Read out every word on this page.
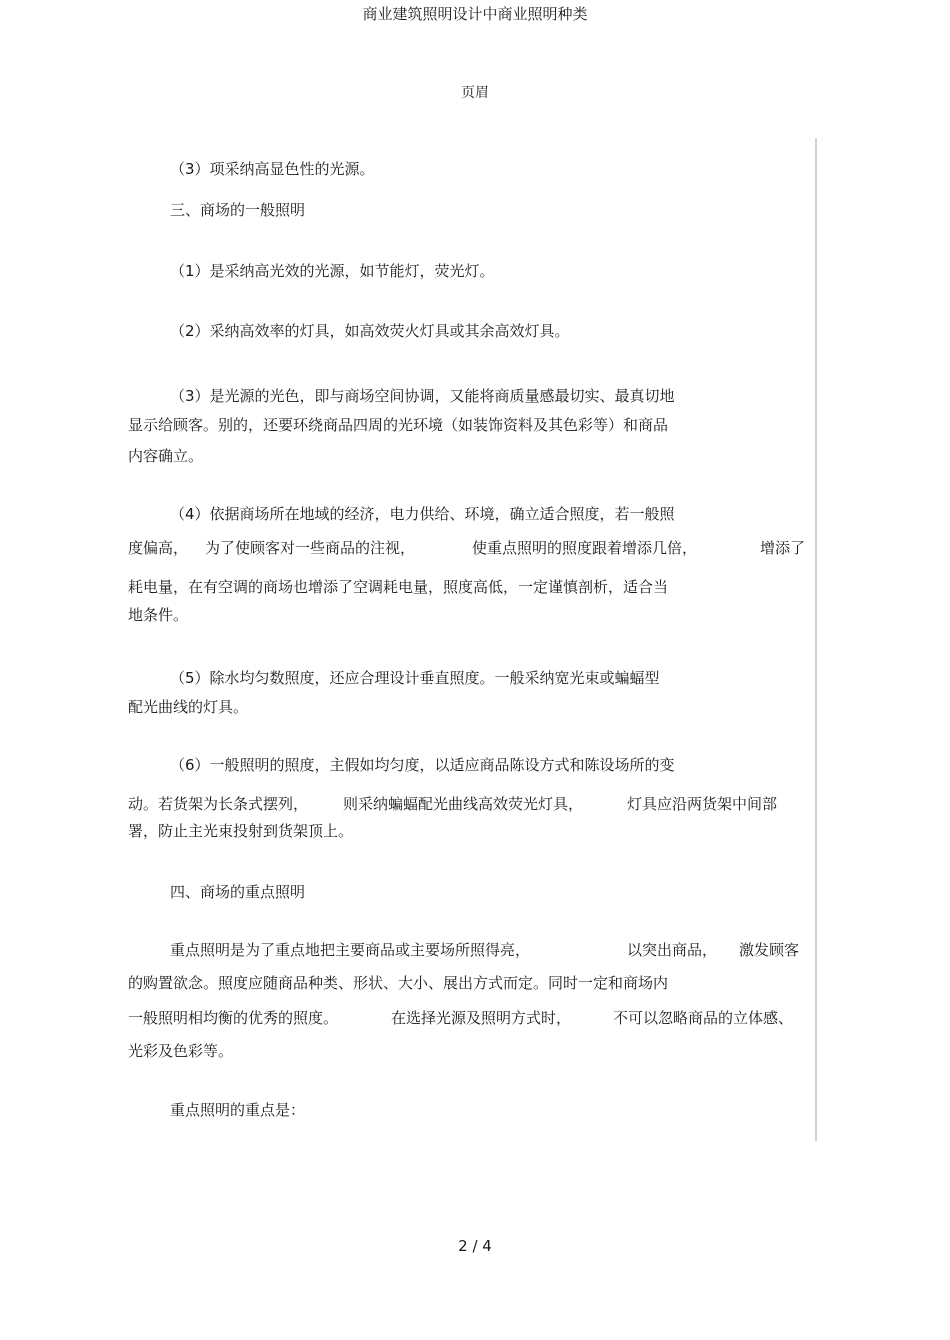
商业建筑照明设计中商业照明种类
页眉
（3）项采纳高显色性的光源。
三、商场的一般照明
（1）是采纳高光效的光源，如节能灯，荧光灯。
（2）采纳高效率的灯具，如高效荧火灯具或其余高效灯具。
（3）是光源的光色，即与商场空间协调，又能将商质量感最切实、最真切地
显示给顾客。别的，还要环绕商品四周的光环境（如装饰资料及其色彩等）和商品
内容确立。
（4）依据商场所在地域的经济，电力供给、环境，确立适合照度，若一般照
度偏高， 为了使顾客对一些商品的注视，	使重点照明的照度跟着增添几倍，	增添了
耗电量，在有空调的商场也增添了空调耗电量，照度高低，一定谨慎剖析，适合当
地条件。
（5）除水均匀数照度，还应合理设计垂直照度。一般采纳宽光束或蝙蝠型
配光曲线的灯具。
（6）一般照明的照度，主假如均匀度，以适应商品陈设方式和陈设场所的变
动。若货架为长条式摆列， 则采纳蝙蝠配光曲线高效荧光灯具，	灯具应沿两货架中间部
署，防止主光束投射到货架顶上。
四、商场的重点照明
重点照明是为了重点地把主要商品或主要场所照得亮，	以突出商品， 激发顾客
的购置欲念。照度应随商品种类、形状、大小、展出方式而定。同时一定和商场内
一般照明相均衡的优秀的照度。	在选择光源及照明方式时，	不可以忽略商品的立体感、
光彩及色彩等。
重点照明的重点是：
2 / 4
